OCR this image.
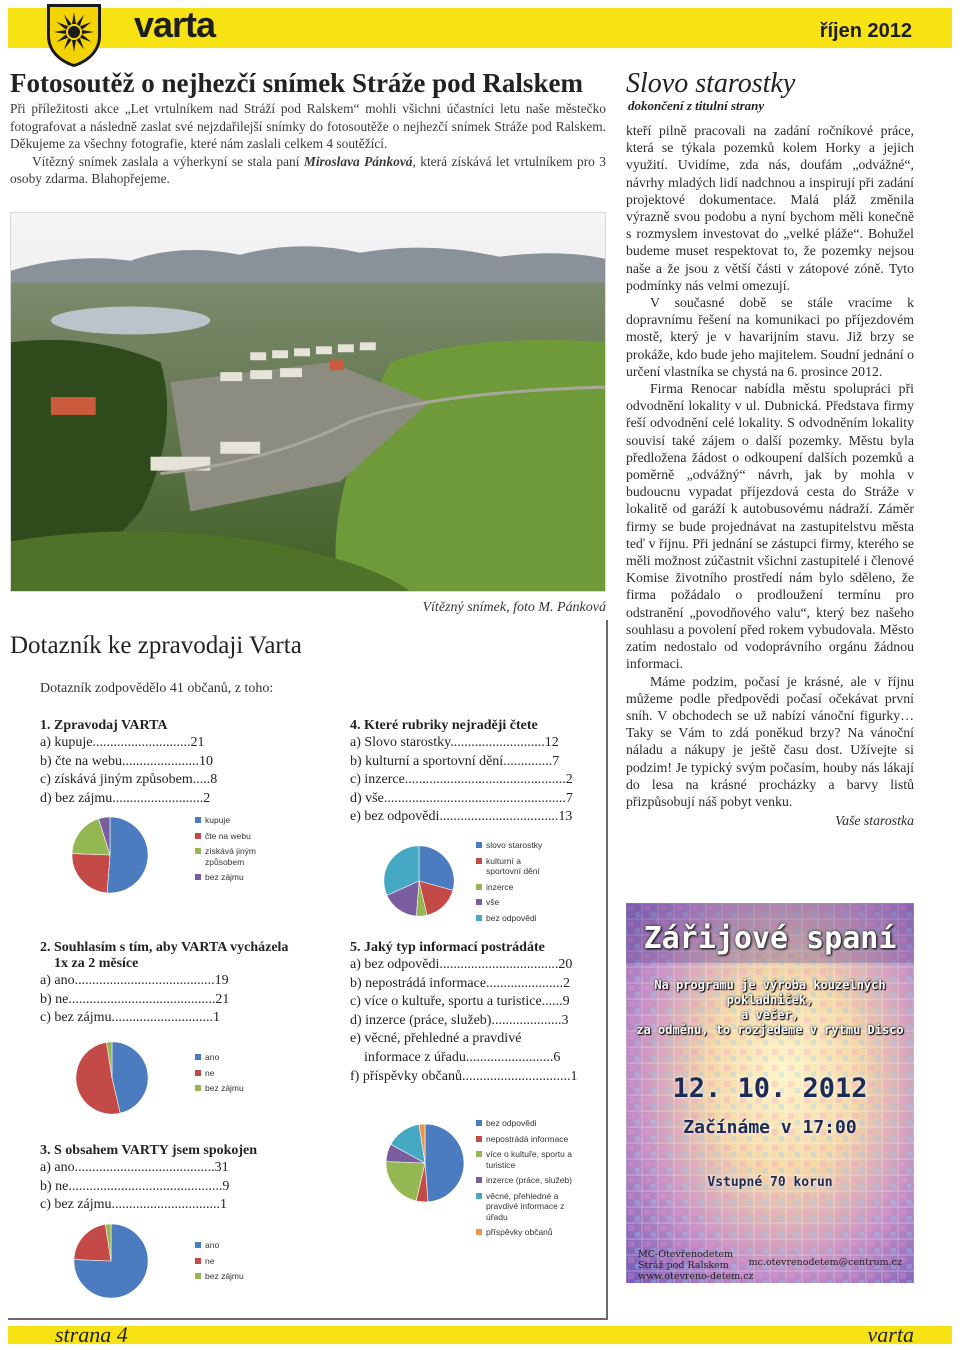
varta	říjen 2012
Fotosoutěž o nejhezčí snímek Stráže pod Ralskem

Při příležitosti akce „Let vrtulníkem nad Stráží pod Ralskem“ mohli všichni účastníci letu naše městečko fotografovat a následně zaslat své nejzdařilejší snímky do fotosoutěže o nejhezčí snímek Stráže pod Ralskem. Děkujeme za všechny fotografie, které nám zaslali celkem 4 soutěžící.

Vítězný snímek zaslala a výherkyní se stala paní Miroslava Pánková, která získává let vrtulníkem pro 3 osoby zdarma. Blahopřejeme.

Vítězný snímek, foto M. Pánková
Dotazník ke zpravodaji Varta
Dotazník zodpovědělo 41 občanů, z toho:
1. Zpravodaj VARTA
a) kupuje............................21
b) čte na webu......................10
c) získává jiným způsobem.....8
d) bez zájmu..........................2
kupuje
čte na webu
získává jiným způsobem
bez zájmu
4. Které rubriky nejraději čtete
a) Slovo starostky...........................12
b) kulturní a sportovní dění..............7
c) inzerce..............................................2
d) vše....................................................7
e) bez odpovědi..................................13
slovo starostky
kulturní a sportovní dění
inzerce
vše
bez odpovědi
2. Souhlasím s tím, aby VARTA vycházela
1x za 2 měsíce
a) ano........................................19
b) ne..........................................21
c) bez zájmu.............................1
ano
ne
bez zájmu
5. Jaký typ informací postrádáte
a) bez odpovědi..................................20
b) nepostrádá informace......................2
c) více o kultuře, sportu a turistice......9
d) inzerce (práce, služeb)....................3
e) věcné, přehledné a pravdivé
informace z úřadu.........................6
f) příspěvky občanů...............................1
bez odpovědi
nepostrádá informace
více o kultuře, sportu a turistice
inzerce (práce, služeb)
věcné, přehledné a pravdivé informace z úřadu
příspěvky občanů
3. S obsahem VARTY jsem spokojen
a) ano........................................31
b) ne............................................9
c) bez zájmu...............................1
ano
ne
bez zájmu
Slovo starostky
dokončení z titulní strany

kteří pilně pracovali na zadání ročníkové práce, která se týkala pozemků kolem Horky a jejich využití. Uvidíme, zda nás, doufám „odvážné“, návrhy mladých lidí nadchnou a inspirují při zadání projektové dokumentace. Malá pláž změnila výrazně svou podobu a nyní bychom měli konečně s rozmyslem investovat do „velké pláže“. Bohužel budeme muset respektovat to, že pozemky nejsou naše a že jsou z větší části v zátopové zóně. Tyto podmínky nás velmi omezují.

V současné době se stále vracíme k dopravnímu řešení na komunikaci po příjezdovém mostě, který je v havarijním stavu. Již brzy se prokáže, kdo bude jeho majitelem. Soudní jednání o určení vlastníka se chystá na 6. prosince 2012.

Firma Renocar nabídla městu spolupráci při odvodnění lokality v ul. Dubnická. Představa firmy řeší odvodnění celé lokality. S odvodněním lokality souvisí také zájem o další pozemky. Městu byla předložena žádost o odkoupení dalších pozemků a poměrně „odvážný“ návrh, jak by mohla v budoucnu vypadat příjezdová cesta do Stráže v lokalitě od garáží k autobusovému nádraží. Záměr firmy se bude projednávat na zastupitelstvu města teď v říjnu. Při jednání se zástupci firmy, kterého se měli možnost zúčastnit všichni zastupitelé i členové Komise životního prostředí nám bylo sděleno, že firma požádalo o prodloužení termínu pro odstranění „povodňového valu“, který bez našeho souhlasu a povolení před rokem vybudovala. Město zatím nedostalo od vodoprávního orgánu žádnou informaci.

Máme podzim, počasí je krásné, ale v říjnu můžeme podle předpovědi počasí očekávat první sníh. V obchodech se už nabízí vánoční figurky… Taky se Vám to zdá poněkud brzy? Na vánoční náladu a nákupy je ještě času dost. Užívejte si podzim! Je typický svým počasím, houby nás lákají do lesa na krásné procházky a barvy listů přizpůsobují náš pobyt venku.

Vaše starostka

Zářijové spaní
Na programu je výroba kouzelných
pokladniček,
a večer,
za odměnu, to rozjedeme v rytmu Disco
12. 10. 2012
Začínáme v 17:00
Vstupné 70 korun
MC-Otevřenodetem
Stráž pod Ralskem
www.otevreno-detem.cz
mc.otevrenodetem@centrum.cz
strana 4	varta
